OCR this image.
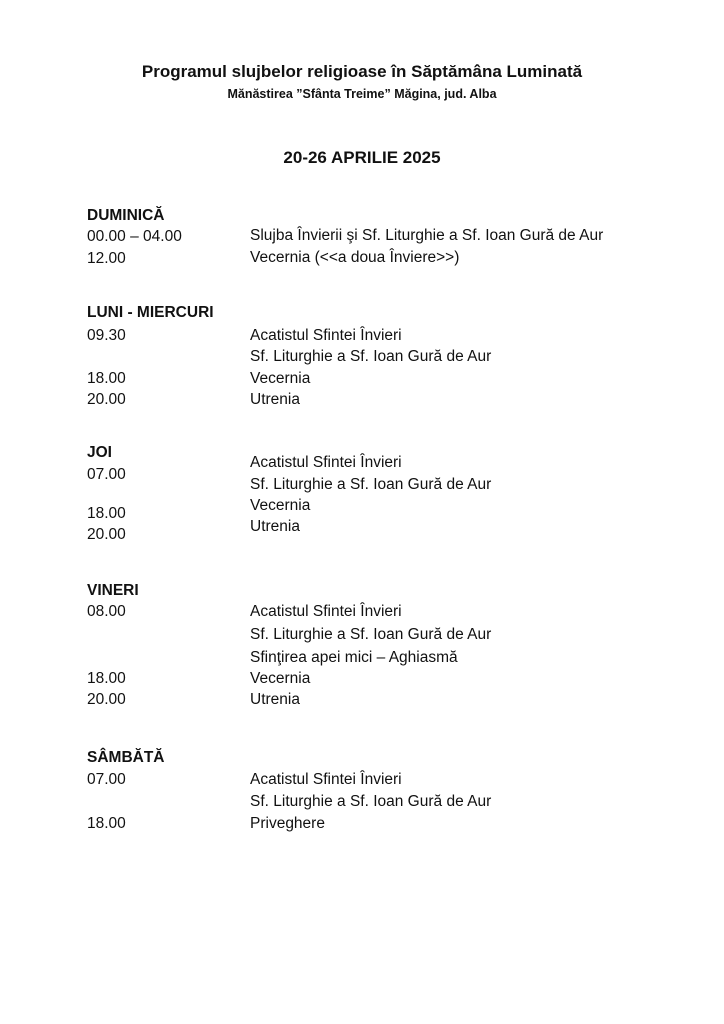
Programul slujbelor religioase în Săptămâna Luminată
Mănăstirea ”Sfânta Treime” Măgina, jud. Alba
20-26 APRILIE 2025
DUMINICĂ
00.00 – 04.00
12.00
Slujba Învierii şi Sf. Liturghie a Sf. Ioan Gură de Aur
Vecernia (<<a doua Înviere>>)
LUNI - MIERCURI
09.30
18.00
20.00
Acatistul Sfintei Învieri
Sf. Liturghie a Sf. Ioan Gură de Aur
Vecernia
Utrenia
JOI
07.00
18.00
20.00
Acatistul Sfintei Învieri
Sf. Liturghie a Sf. Ioan Gură de Aur
Vecernia
Utrenia
VINERI
08.00
18.00
20.00
Acatistul Sfintei Învieri
Sf. Liturghie a Sf. Ioan Gură de Aur
Sfinţirea apei mici – Aghiasmă
Vecernia
Utrenia
SÂMBĂTĂ
07.00
18.00
Acatistul Sfintei Învieri
Sf. Liturghie a Sf. Ioan Gură de Aur
Priveghere
